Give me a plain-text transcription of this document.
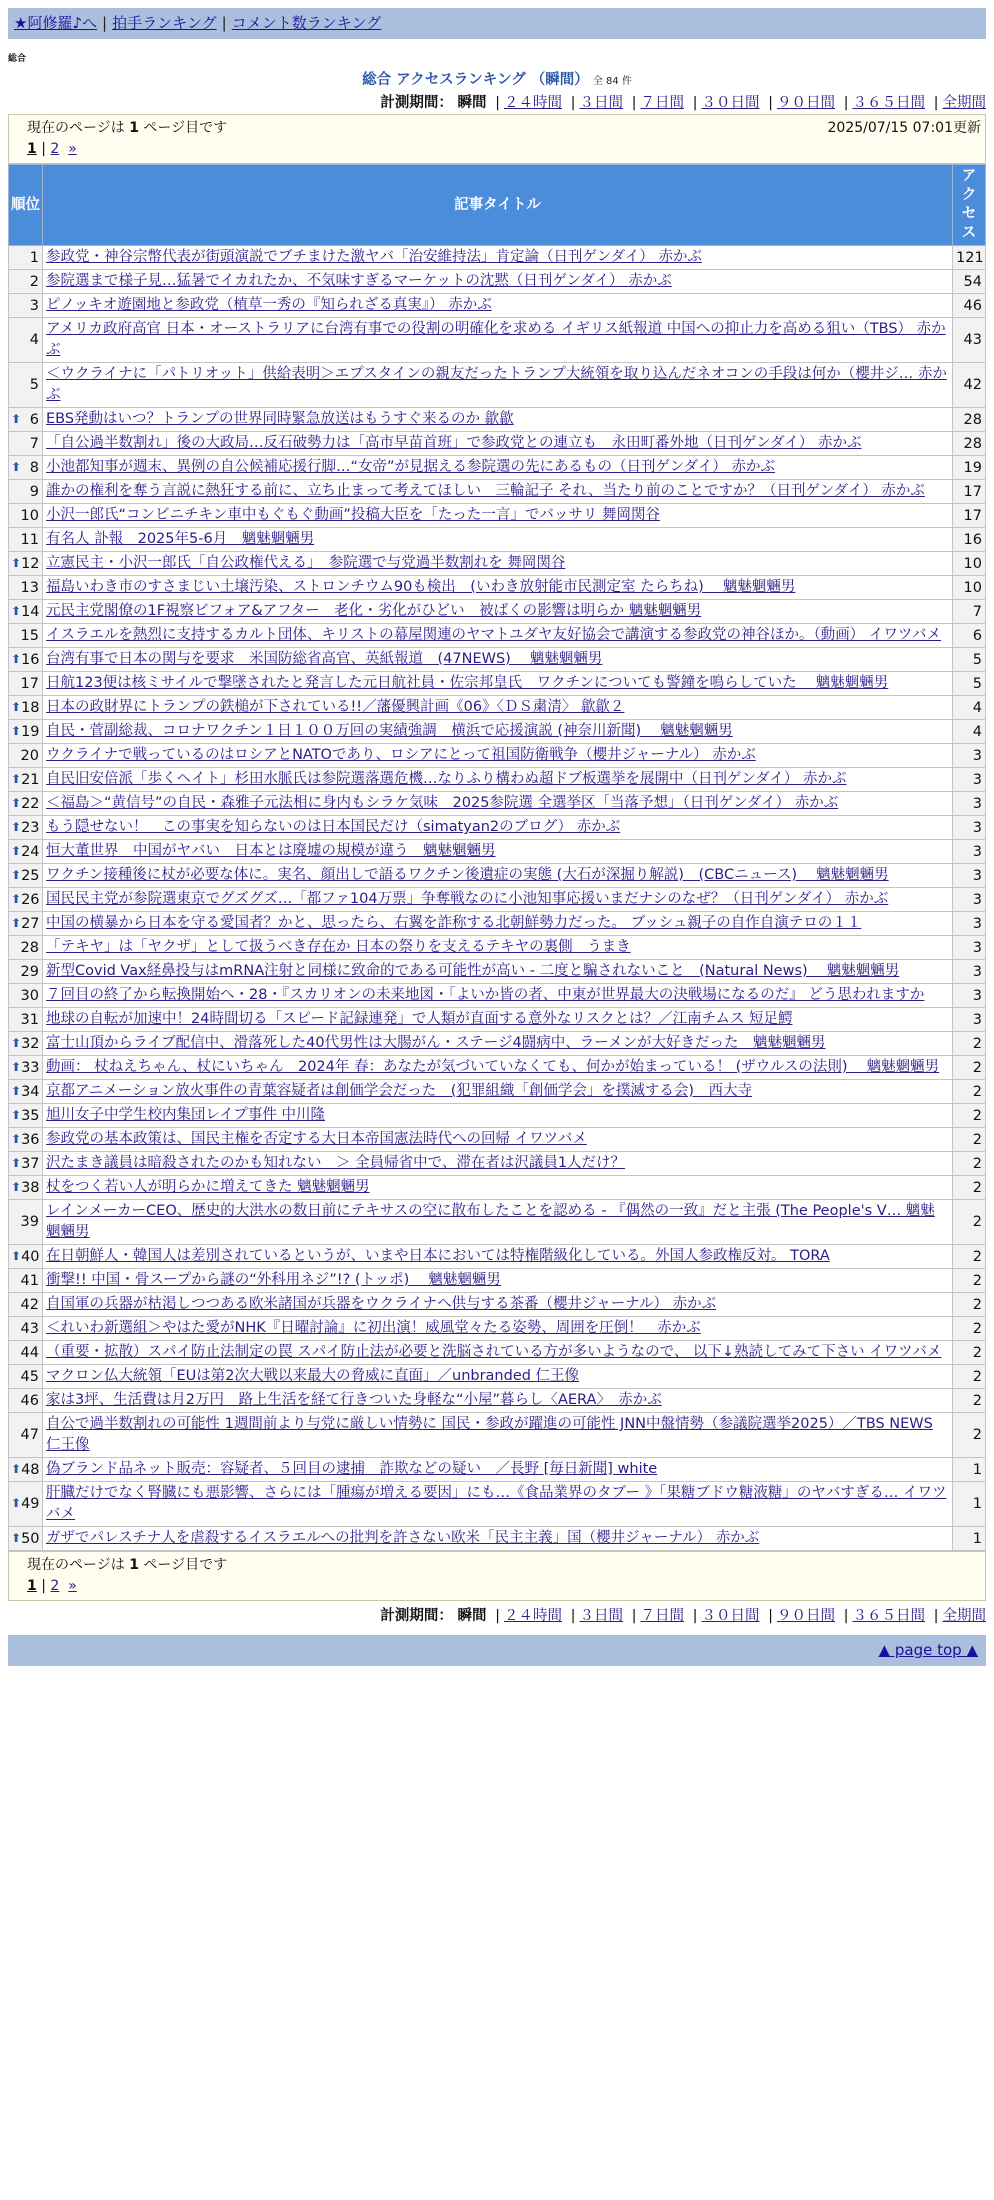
★阿修羅♪へ | 拍手ランキング | コメント数ランキング
総合
総合 アクセスランキング （瞬間） 全 84 件
計測期間： 瞬間 | ２４時間 | ３日間 | ７日間 | ３０日間 | ９０日間 | ３６５日間 | 全期間
現在のページは 1 ページ目です	2025/07/15 07:01更新
1 | 2 »
順位	記事タイトル	アクセス
1	参政党・神谷宗幣代表が街頭演説でブチまけた激ヤバ「治安維持法」肯定論（日刊ゲンダイ） 赤かぶ	121
2	参院選まで様子見…猛暑でイカれたか、不気味すぎるマーケットの沈黙（日刊ゲンダイ） 赤かぶ	54
3	ピノッキオ遊園地と参政党（植草一秀の『知られざる真実』） 赤かぶ	46
4	アメリカ政府高官 日本・オーストラリアに台湾有事での役割の明確化を求める イギリス紙報道 中国への抑止力を高める狙い（TBS） 赤かぶ	43
5	＜ウクライナに「パトリオット」供給表明＞エプスタインの親友だったトランプ大統領を取り込んだネオコンの手段は何か（櫻井ジ… 赤かぶ	42

⬆ 6	EBS発動はいつ？トランプの世界同時緊急放送はもうすぐ来るのか 歙歙	28
7	「自公過半数割れ」後の大政局…反石破勢力は「高市早苗首班」で参政党との連立も　永田町番外地（日刊ゲンダイ） 赤かぶ	28

⬆ 8	小池都知事が週末、異例の自公候補応援行脚…“女帝”が見据える参院選の先にあるもの（日刊ゲンダイ） 赤かぶ	19
9	誰かの権利を奪う言説に熱狂する前に、立ち止まって考えてほしい　三輪記子 それ、当たり前のことですか？（日刊ゲンダイ） 赤かぶ	17
10	小沢一郎氏“コンビニチキン車中もぐもぐ動画”投稿大臣を「たった一言」でバッサリ 舞岡関谷	17
11	有名人 訃報　2025年5-6月　魑魅魍魎男	16

⬆ 12	立憲民主・小沢一郎氏「自公政権代える」　参院選で与党過半数割れを 舞岡関谷	10
13	福島いわき市のすさまじい土壌汚染、ストロンチウム90も検出　(いわき放射能市民測定室 たらちね)　 魑魅魍魎男	10

⬆ 14	元民主党閣僚の1F視察ビフォア&アフター　老化・劣化がひどい　被ばくの影響は明らか 魑魅魍魎男	7
15	イスラエルを熱烈に支持するカルト団体、キリストの幕屋関連のヤマトユダヤ友好協会で講演する参政党の神谷ほか。（動画） イワツバメ	6

⬆ 16	台湾有事で日本の関与を要求　米国防総省高官、英紙報道　(47NEWS)　 魑魅魍魎男	5
17	日航123便は核ミサイルで撃墜されたと発言した元日航社員・佐宗邦皇氏　ワクチンについても警鐘を鳴らしていた　 魑魅魍魎男	5

⬆ 18	日本の政財界にトランプの鉄槌が下されている!!／藩優興計画《06》〈ＤＳ粛清〉 歙歙２	4

⬆ 19	自民・菅副総裁、コロナワクチン１日１００万回の実績強調　横浜で応援演説 (神奈川新聞)　 魑魅魍魎男	4
20	ウクライナで戦っているのはロシアとNATOであり、ロシアにとって祖国防衛戦争（櫻井ジャーナル） 赤かぶ	3

⬆ 21	自民旧安倍派「歩くヘイト」杉田水脈氏は参院選落選危機…なりふり構わぬ超ドブ板選挙を展開中（日刊ゲンダイ） 赤かぶ	3

⬆ 22	＜福島＞“黄信号”の自民・森雅子元法相に身内もシラケ気味　2025参院選 全選挙区「当落予想」（日刊ゲンダイ） 赤かぶ	3

⬆ 23	もう隠せない！　この事実を知らないのは日本国民だけ（simatyan2のブログ） 赤かぶ	3

⬆ 24	恒大董世界　中国がヤバい　日本とは廃墟の規模が違う　魑魅魍魎男	3

⬆ 25	ワクチン接種後に杖が必要な体に。実名、顔出しで語るワクチン後遺症の実態 (大石が深掘り解説)　(CBCニュース)　 魑魅魍魎男	3

⬆ 26	国民民主党が参院選東京でグズグズ…「都ファ104万票」争奪戦なのに小池知事応援いまだナシのなぜ？（日刊ゲンダイ） 赤かぶ	3

⬆ 27	中国の横暴から日本を守る愛国者？かと、思ったら、右翼を詐称する北朝鮮勢力だった。 ブッシュ親子の自作自演テロの１１	3
28	「テキヤ」は「ヤクザ」として扱うべき存在か 日本の祭りを支えるテキヤの裏側　うまき	3
29	新型Covid Vax経鼻投与はmRNA注射と同様に致命的である可能性が高い - 二度と騙されないこと　(Natural News)　 魑魅魍魎男	3
30	７回目の終了から転換開始へ・28・『スカリオンの未来地図・「よいか皆の者、中東が世界最大の決戦場になるのだ』 どう思われますか	3
31	地球の自転が加速中！24時間切る「スピード記録連発」で人類が直面する意外なリスクとは？／江南チムス 短足鰐	3

⬆ 32	富士山頂からライブ配信中、滑落死した40代男性は大腸がん・ステージ4闘病中、ラーメンが大好きだった　魑魅魍魎男	2

⬆ 33	動画： 杖ねえちゃん、杖にいちゃん　2024年 春：あなたが気づいていなくても、何かが始まっている！ (ザウルスの法則)　 魑魅魍魎男	2

⬆ 34	京都アニメーション放火事件の青葉容疑者は創価学会だった　(犯罪組織「創価学会」を撲滅する会)　西大寺	2

⬆ 35	旭川女子中学生校内集団レイプ事件 中川隆	2

⬆ 36	参政党の基本政策は、国民主権を否定する大日本帝国憲法時代への回帰 イワツバメ	2

⬆ 37	沢たまき議員は暗殺されたのかも知れない　＞ 全員帰省中で、滞在者は沢議員1人だけ？	2

⬆ 38	杖をつく若い人が明らかに増えてきた 魑魅魍魎男	2
39	レインメーカーCEO、歴史的大洪水の数日前にテキサスの空に散布したことを認める - 『偶然の一致』だと主張 (The People's V… 魑魅魍魎男	2

⬆ 40	在日朝鮮人・韓国人は差別されているというが、いまや日本においては特権階級化している。外国人参政権反対。 TORA	2
41	衝撃!! 中国・骨スープから謎の“外科用ネジ”!? (トッポ)　 魑魅魍魎男	2
42	自国軍の兵器が枯渇しつつある欧米諸国が兵器をウクライナへ供与する茶番（櫻井ジャーナル） 赤かぶ	2
43	＜れいわ新選組＞やはた愛がNHK『日曜討論』に初出演！威風堂々たる姿勢、周囲を圧倒！　赤かぶ	2
44	（重要・拡散）スパイ防止法制定の罠 スパイ防止法が必要と洗脳されている方が多いようなので、 以下↓熟読してみて下さい イワツバメ	2
45	マクロン仏大統領「EUは第2次大戦以来最大の脅威に直面」／unbranded 仁王像	2
46	家は3坪、生活費は月2万円　路上生活を経て行きついた身軽な“小屋”暮らし〈AERA〉　赤かぶ	2
47	自公で過半数割れの可能性 1週間前より与党に厳しい情勢に 国民・参政が躍進の可能性 JNN中盤情勢（参議院選挙2025）／TBS NEWS 仁王像	2

⬆ 48	偽ブランド品ネット販売：容疑者、５回目の逮捕　詐欺などの疑い　／長野 [毎日新聞] white	1

⬆ 49	肝臓だけでなく腎臓にも悪影響、さらには「腫瘍が増える要因」にも…《食品業界のタブー 》「果糖ブドウ糖液糖」のヤバすぎる… イワツバメ	1

⬆ 50	ガザでパレスチナ人を虐殺するイスラエルへの批判を許さない欧米「民主主義」国（櫻井ジャーナル） 赤かぶ	1
現在のページは 1 ページ目です
1 | 2 »
計測期間： 瞬間 | ２４時間 | ３日間 | ７日間 | ３０日間 | ９０日間 | ３６５日間 | 全期間
▲ page top ▲
